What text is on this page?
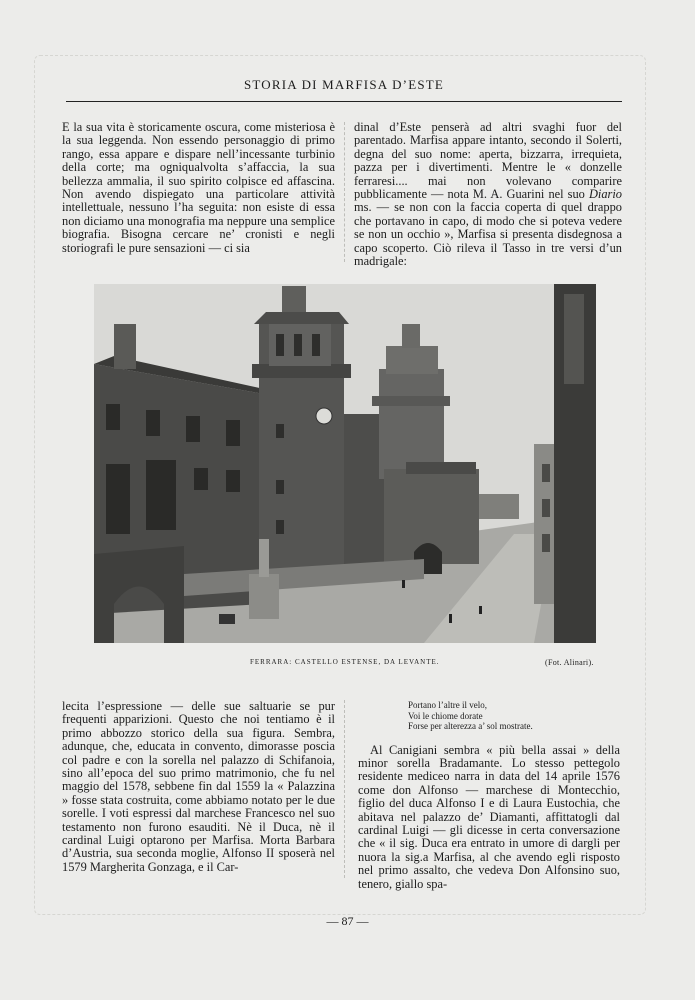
STORIA DI MARFISA D’ESTE

E la sua vita è storicamente oscura, come misteriosa è la sua leggenda. Non essendo personaggio di primo rango, essa appare e dispare nell’incessante turbinio della corte; ma ogniqualvolta s’affaccia, la sua bellezza ammalia, il suo spirito colpisce ed affascina. Non avendo dispiegato una particolare attività intellettuale, nessuno l’ha seguita: non esiste di essa non diciamo una monografia ma neppure una semplice biografia. Bisogna cercare ne’ cronisti e negli storiografi le pure sensazioni — ci sia

dinal d’Este penserà ad altri svaghi fuor del parentado. Marfisa appare intanto, secondo il Solerti, degna del suo nome: aperta, bizzarra, irrequieta, pazza per i divertimenti. Mentre le « donzelle ferraresi.... mai non volevano comparire pubblicamente — nota M. A. Guarini nel suo Diario ms. — se non con la faccia coperta di quel drappo che portavano in capo, di modo che si poteva vedere se non un occhio », Marfisa si presenta disdegnosa a capo scoperto. Ciò rileva il Tasso in tre versi d’un madrigale:

FERRARA: CASTELLO ESTENSE, DA LEVANTE.	(Fot. Alinari).

lecita l’espressione — delle sue saltuarie se pur frequenti apparizioni. Questo che noi tentiamo è il primo abbozzo storico della sua figura. Sembra, adunque, che, educata in convento, dimorasse poscia col padre e con la sorella nel palazzo di Schifanoia, sino all’epoca del suo primo matrimonio, che fu nel maggio del 1578, sebbene fin dal 1559 la « Palazzina » fosse stata costruita, come abbiamo notato per le due sorelle. I voti espressi dal marchese Francesco nel suo testamento non furono esauditi. Nè il Duca, nè il cardinal Luigi optarono per Marfisa. Morta Barbara d’Austria, sua seconda moglie, Alfonso II sposerà nel 1579 Margherita Gonzaga, e il Car-

Portano l’altre il velo,
Voi le chiome dorate
Forse per alterezza a’ sol mostrate.

Al Canigiani sembra « più bella assai » della minor sorella Bradamante. Lo stesso pettegolo residente mediceo narra in data del 14 aprile 1576 come don Alfonso — marchese di Montecchio, figlio del duca Alfonso I e di Laura Eustochia, che abitava nel palazzo de’ Diamanti, affittatogli dal cardinal Luigi — gli dicesse in certa conversazione che « il sig. Duca era entrato in umore di dargli per nuora la sig.a Marfisa, al che avendo egli risposto nel primo assalto, che vedeva Don Alfonsino suo, tenero, giallo spa-

— 87 —
